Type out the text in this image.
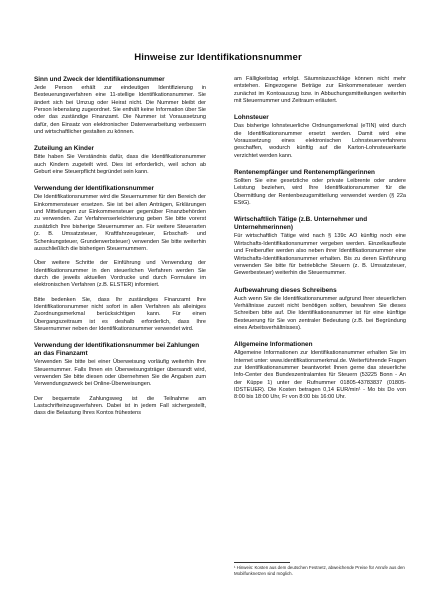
Hinweise zur Identifikationsnummer
Sinn und Zweck der Identifikationsnummer

Jede Person erhält zur eindeutigen Identifizierung in Besteuerungsverfahren eine 11-stellige Identifikationsnummer. Sie ändert sich bei Umzug oder Heirat nicht. Die Nummer bleibt der Person lebenslang zugeordnet. Sie enthält keine Information über Sie oder das zuständige Finanzamt. Die Nummer ist Voraussetzung dafür, den Einsatz von elektronischer Datenverarbeitung verbessern und wirtschaftlicher gestalten zu können.

Zuteilung an Kinder

Bitte haben Sie Verständnis dafür, dass die Identifikationsnummer auch Kindern zugeteilt wird. Dies ist erforderlich, weil schon ab Geburt eine Steuerpflicht begründet sein kann.

Verwendung der Identifikationsnummer

Die Identifikationsnummer wird die Steuernummer für den Bereich der Einkommensteuer ersetzen. Sie ist bei allen Anträgen, Erklärungen und Mitteilungen zur Einkommensteuer gegenüber Finanzbehörden zu verwenden. Zur Verfahrenserleichterung geben Sie bitte vorerst zusätzlich Ihre bisherige Steuernummer an. Für weitere Steuerarten (z. B. Umsatzsteuer, Kraftfahrzeugsteuer, Erbschaft- und Schenkungsteuer, Grunderwerbsteuer) verwenden Sie bitte weiterhin ausschließlich die bisherigen Steuernummern.

Über weitere Schritte der Einführung und Verwendung der Identifikationsnummer in den steuerlichen Verfahren werden Sie durch die jeweils aktuellen Vordrucke und durch Formulare im elektronischen Verfahren (z.B. ELSTER) informiert.

Bitte bedenken Sie, dass Ihr zuständiges Finanzamt Ihre Identifikationsnummer nicht sofort in allen Verfahren als alleiniges Zuordnungsmerkmal berücksichtigen kann. Für einen Übergangszeitraum ist es deshalb erforderlich, dass Ihre Steuernummer neben der Identifikationsnummer verwendet wird.

Verwendung der Identifikationsnummer bei Zahlungen an das Finanzamt

Verwenden Sie bitte bei einer Überweisung vorläufig weiterhin Ihre Steuernummer. Falls Ihnen ein Überweisungsträger übersandt wird, verwenden Sie bitte diesen oder übernehmen Sie die Angaben zum Verwendungszweck bei Online-Überweisungen.

Der bequemste Zahlungsweg ist die Teilnahme am Lastschrifteinzugsverfahren. Dabei ist in jedem Fall sichergestellt, dass die Belastung Ihres Kontos frühestens

am Fälligkeitstag erfolgt. Säumniszuschläge können nicht mehr entstehen. Eingezogene Beträge zur Einkommensteuer werden zunächst im Kontoauszug bzw. in Abbuchungsmitteilungen weiterhin mit Steuernummer und Zeitraum erläutert.

Lohnsteuer

Das bisherige lohnsteuerliche Ordnungsmerkmal (eTIN) wird durch die Identifikationsnummer ersetzt werden. Damit wird eine Voraussetzung eines elektronischen Lohnsteuerverfahrens geschaffen, wodurch künftig auf die Karton-Lohnsteuerkarte verzichtet werden kann.

Rentenempfänger und Rentenempfängerinnen

Sollten Sie eine gesetzliche oder private Leibrente oder andere Leistung beziehen, wird Ihre Identifikationsnummer für die Übermittlung der Rentenbezugsmitteilung verwendet werden (§ 22a EStG).

Wirtschaftlich Tätige (z.B. Unternehmer und Unternehmerinnen)

Für wirtschaftlich Tätige wird nach § 139c AO künftig noch eine Wirtschafts-Identifikationsnummer vergeben werden. Einzelkaufleute und Freiberufler werden also neben ihrer Identifikationsnummer eine Wirtschafts-Identifikationsnummer erhalten. Bis zu deren Einführung verwenden Sie bitte für betriebliche Steuern (z. B. Umsatzsteuer, Gewerbesteuer) weiterhin die Steuernummer.

Aufbewahrung dieses Schreibens

Auch wenn Sie die Identifikationsnummer aufgrund Ihrer steuerlichen Verhältnisse zurzeit nicht benötigen sollten, bewahren Sie dieses Schreiben bitte auf. Die Identifikationsnummer ist für eine künftige Besteuerung für Sie von zentraler Bedeutung (z.B. bei Begründung eines Arbeitsverhältnisses).

Allgemeine Informationen

Allgemeine Informationen zur Identifikationsnummer erhalten Sie im Internet unter: www.identifikationsmerkmal.de. Weiterführende Fragen zur Identifikationsnummer beantwortet Ihnen gerne das steuerliche Info-Center des Bundeszentralamtes für Steuern (53225 Bonn - An der Küppe 1) unter der Rufnummer 01805-43783837 (01805-IDSTEUER). Die Kosten betragen 0,14 EUR/min¹ - Mo bis Do von 8:00 bis 18:00 Uhr, Fr von 8:00 bis 16:00 Uhr.

¹ Hinweis: Kosten aus dem deutschen Festnetz, abweichende Preise für Anrufe aus den Mobilfunknetzen sind möglich.
